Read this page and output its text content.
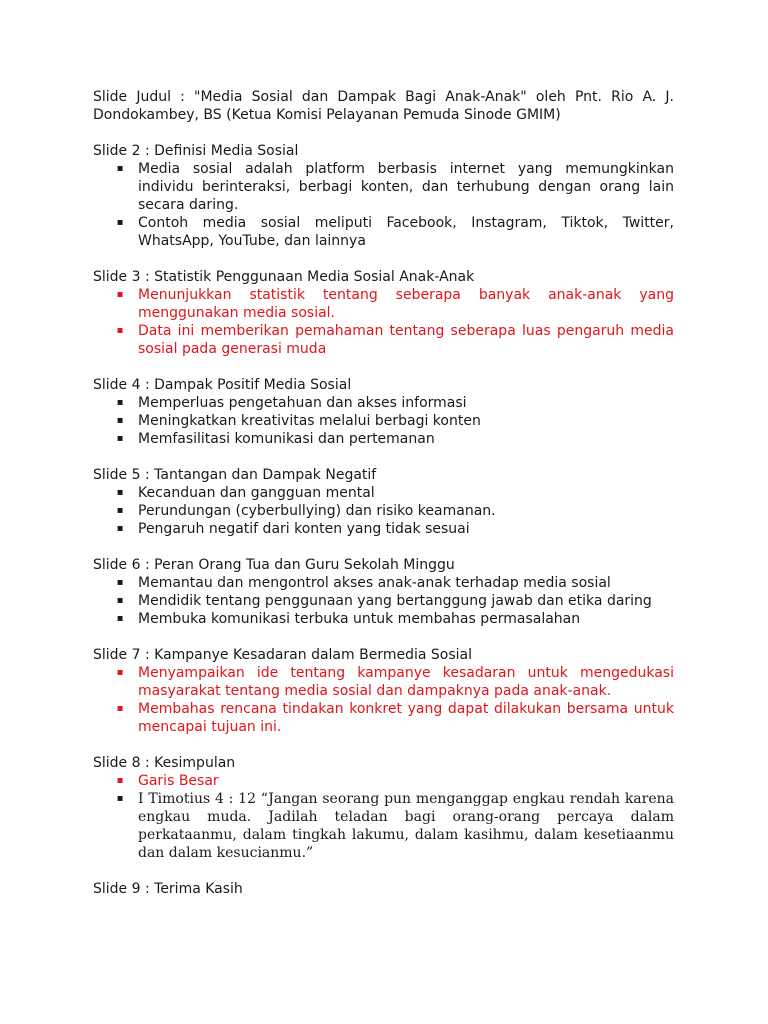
Slide Judul : "Media Sosial dan Dampak Bagi Anak-Anak" oleh Pnt. Rio A. J. Dondokambey, BS (Ketua Komisi Pelayanan Pemuda Sinode GMIM)

Slide 2 : Definisi Media Sosial

▪ Media sosial adalah platform berbasis internet yang memungkinkan individu berinteraksi, berbagi konten, dan terhubung dengan orang lain secara daring.
▪ Contoh media sosial meliputi Facebook, Instagram, Tiktok, Twitter, WhatsApp, YouTube, dan lainnya

Slide 3 : Statistik Penggunaan Media Sosial Anak-Anak

▪ Menunjukkan statistik tentang seberapa banyak anak-anak yang menggunakan media sosial.
▪ Data ini memberikan pemahaman tentang seberapa luas pengaruh media sosial pada generasi muda

Slide 4 : Dampak Positif Media Sosial

▪ Memperluas pengetahuan dan akses informasi
▪ Meningkatkan kreativitas melalui berbagi konten
▪ Memfasilitasi komunikasi dan pertemanan

Slide 5 : Tantangan dan Dampak Negatif

▪ Kecanduan dan gangguan mental
▪ Perundungan (cyberbullying) dan risiko keamanan.
▪ Pengaruh negatif dari konten yang tidak sesuai

Slide 6 : Peran Orang Tua dan Guru Sekolah Minggu

▪ Memantau dan mengontrol akses anak-anak terhadap media sosial
▪ Mendidik tentang penggunaan yang bertanggung jawab dan etika daring
▪ Membuka komunikasi terbuka untuk membahas permasalahan

Slide 7 : Kampanye Kesadaran dalam Bermedia Sosial

▪ Menyampaikan ide tentang kampanye kesadaran untuk mengedukasi masyarakat tentang media sosial dan dampaknya pada anak-anak.
▪ Membahas rencana tindakan konkret yang dapat dilakukan bersama untuk mencapai tujuan ini.

Slide 8 : Kesimpulan

▪ Garis Besar
▪ I Timotius 4 : 12 “Jangan seorang pun menganggap engkau rendah karena engkau muda. Jadilah teladan bagi orang-orang percaya dalam perkataanmu, dalam tingkah lakumu, dalam kasihmu, dalam kesetiaanmu dan dalam kesucianmu.”

Slide 9 : Terima Kasih
